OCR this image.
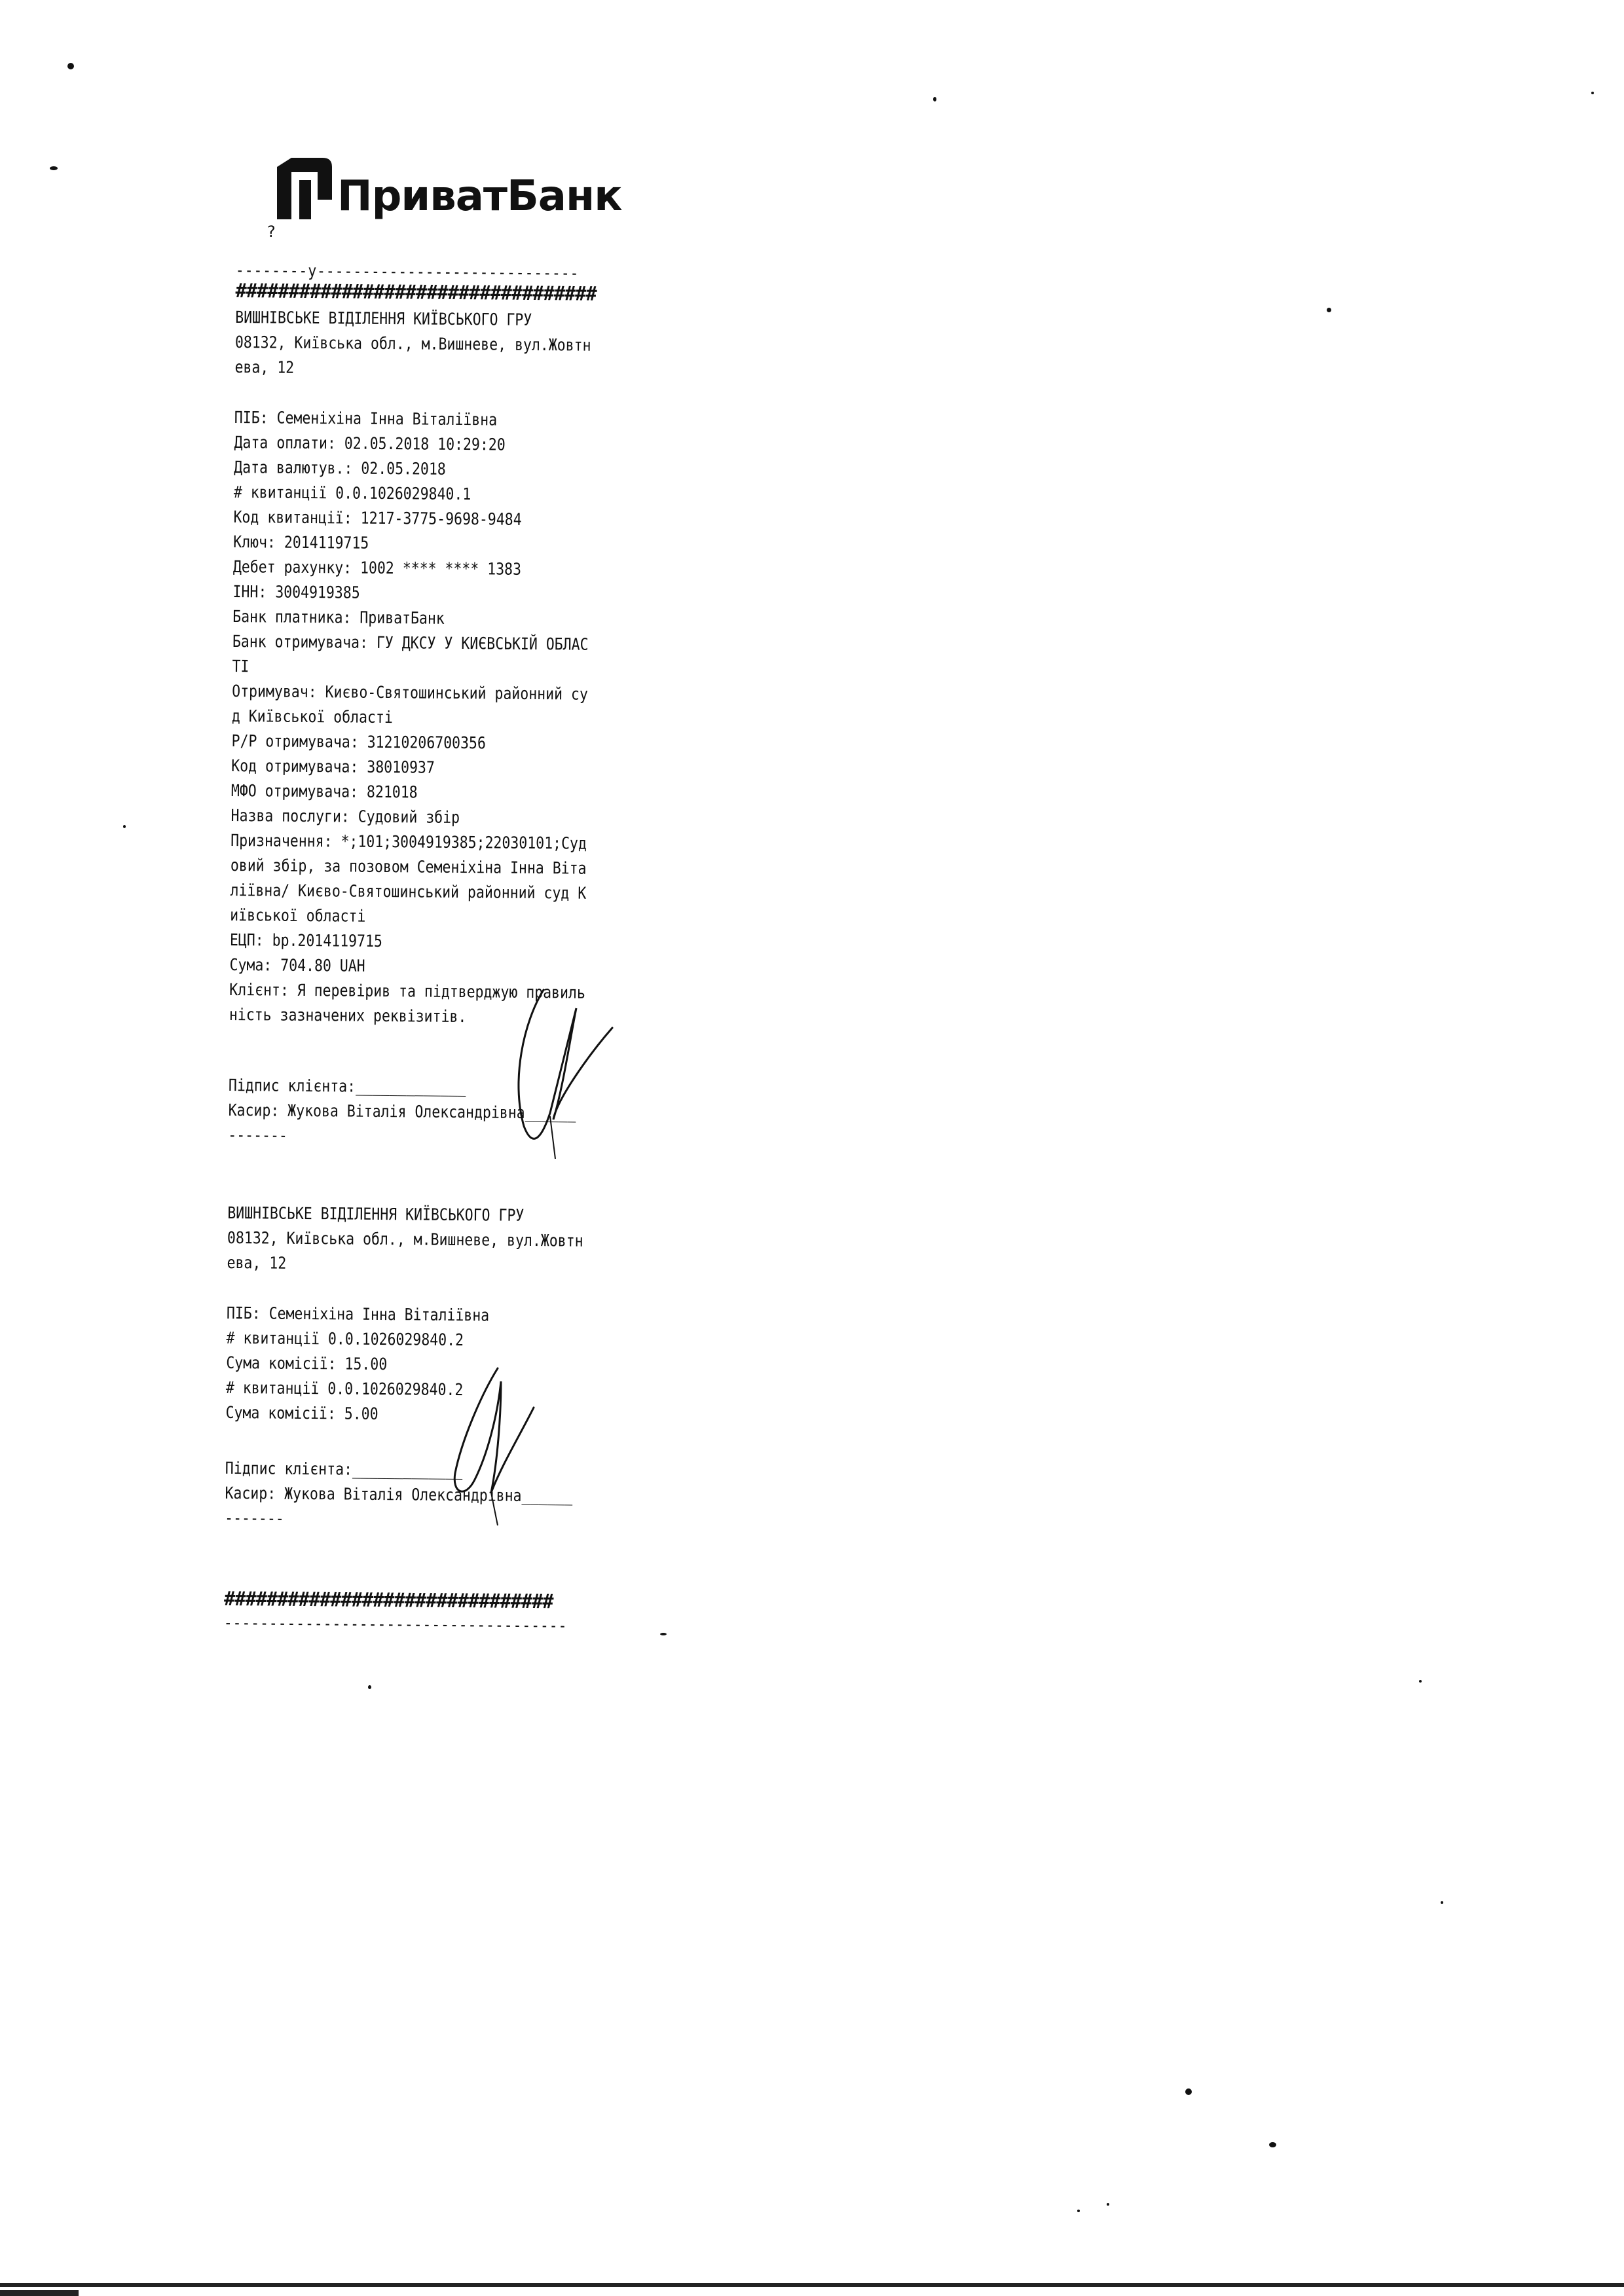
ПриватБанк
?
--------y-----------------------------
##################################
ВИШНІВСЬКЕ ВІДІЛЕННЯ КИЇВСЬКОГО ГРУ
08132, Київська обл., м.Вишневе, вул.Жовтн
ева, 12
ПІБ: Семеніхіна Інна Віталіївна
Дата оплати: 02.05.2018 10:29:20
Дата валютув.: 02.05.2018
# квитанції 0.0.1026029840.1
Код квитанції: 1217-3775-9698-9484
Ключ: 2014119715
Дебет рахунку: 1002 **** **** 1383
ІНН: 3004919385
Банк платника: ПриватБанк
Банк отримувача: ГУ ДКСУ У КИЄВСЬКІЙ ОБЛАС
ТІ
Отримувач: Києво-Святошинський районний су
д Київської області
Р/Р отримувача: 31210206700356
Код отримувача: 38010937
МФО отримувача: 821018
Назва послуги: Судовий збір
Призначення: *;101;3004919385;22030101;Суд
овий збір, за позовом Семеніхіна Інна Віта
ліївна/ Києво-Святошинський районний суд К
иївської області
ЕЦП: bp.2014119715
Сума: 704.80 UAH
Клієнт: Я перевірив та підтверджую правиль
ність зазначених реквізитів.
Підпис клієнта:_____________
Касир: Жукова Віталія Олександрівна______
-------
ВИШНІВСЬКЕ ВІДІЛЕННЯ КИЇВСЬКОГО ГРУ
08132, Київська обл., м.Вишневе, вул.Жовтн
ева, 12
ПІБ: Семеніхіна Інна Віталіївна
# квитанції 0.0.1026029840.2
Сума комісії: 15.00
# квитанції 0.0.1026029840.2
Сума комісії: 5.00
Підпис клієнта:_____________
Касир: Жукова Віталія Олександрівна______
-------
###############################
--------------------------------------
